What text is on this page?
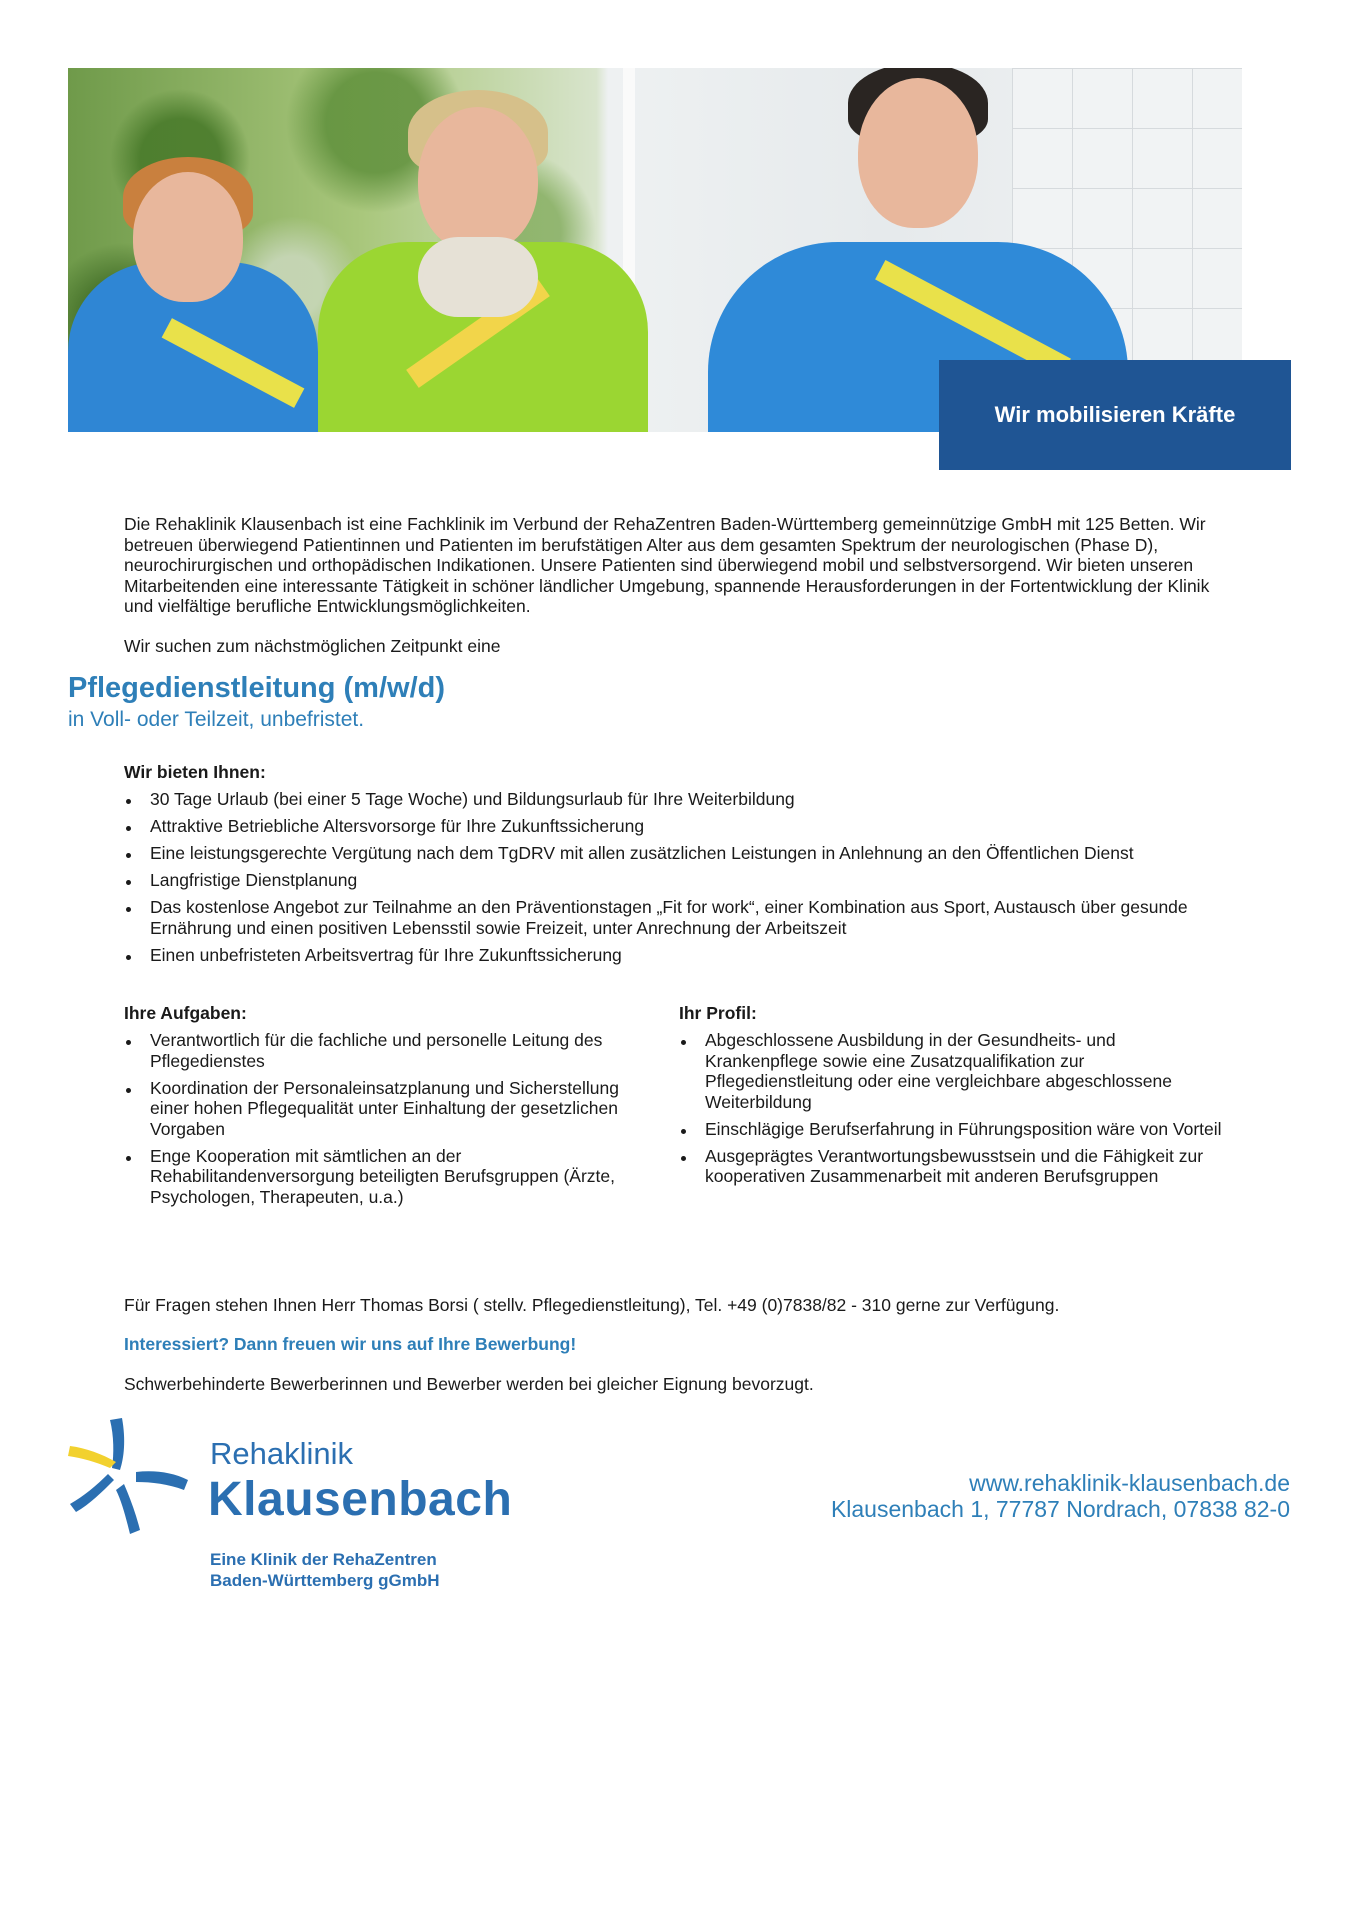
Wir mobilisieren Kräfte

Die Rehaklinik Klausenbach ist eine Fachklinik im Verbund der RehaZentren Baden-Württemberg gemeinnützige GmbH mit 125 Betten. Wir betreuen überwiegend Patientinnen und Patienten im berufstätigen Alter aus dem gesamten Spektrum der neurologischen (Phase D), neurochirurgischen und orthopädischen Indikationen. Unsere Patienten sind überwiegend mobil und selbstversorgend. Wir bieten unseren Mitarbeitenden eine interessante Tätigkeit in schöner ländlicher Umgebung, spannende Herausforderungen in der Fortentwicklung der Klinik und vielfältige berufliche Entwicklungsmöglichkeiten.

Wir suchen zum nächstmöglichen Zeitpunkt eine

Pflegedienstleitung (m/w/d)

in Voll- oder Teilzeit, unbefristet.

Wir bieten Ihnen:

30 Tage Urlaub (bei einer 5 Tage Woche) und Bildungsurlaub für Ihre Weiterbildung
Attraktive Betriebliche Altersvorsorge für Ihre Zukunftssicherung
Eine leistungsgerechte Vergütung nach dem TgDRV mit allen zusätzlichen Leistungen in Anlehnung an den Öffentlichen Dienst
Langfristige Dienstplanung
Das kostenlose Angebot zur Teilnahme an den Präventionstagen „Fit for work“, einer Kombination aus Sport, Austausch über gesunde Ernährung und einen positiven Lebensstil sowie Freizeit, unter Anrechnung der Arbeitszeit
Einen unbefristeten Arbeitsvertrag für Ihre Zukunftssicherung

Ihre Aufgaben:

Verantwortlich für die fachliche und personelle Leitung des Pflegedienstes
Koordination der Personaleinsatzplanung und Sicherstellung einer hohen Pflegequalität unter Einhaltung der gesetzlichen Vorgaben
Enge Kooperation mit sämtlichen an der Rehabilitandenversorgung beteiligten Berufsgruppen (Ärzte, Psychologen, Therapeuten, u.a.)

Ihr Profil:

Abgeschlossene Ausbildung in der Gesundheits- und Krankenpflege sowie eine Zusatzqualifikation zur Pflegedienstleitung oder eine vergleichbare abgeschlossene Weiterbildung
Einschlägige Berufserfahrung in Führungsposition wäre von Vorteil
Ausgeprägtes Verantwortungsbewusstsein und die Fähigkeit zur kooperativen Zusammenarbeit mit anderen Berufsgruppen

Für Fragen stehen Ihnen Herr Thomas Borsi ( stellv. Pflegedienstleitung), Tel. +49 (0)7838/82 - 310 gerne zur Verfügung.

Interessiert? Dann freuen wir uns auf Ihre Bewerbung!

Schwerbehinderte Bewerberinnen und Bewerber werden bei gleicher Eignung bevorzugt.

Rehaklinik

Klausenbach

Eine Klinik der RehaZentren

Baden-Württemberg gGmbH

www.rehaklinik-klausenbach.de

Klausenbach 1, 77787 Nordrach, 07838 82-0
